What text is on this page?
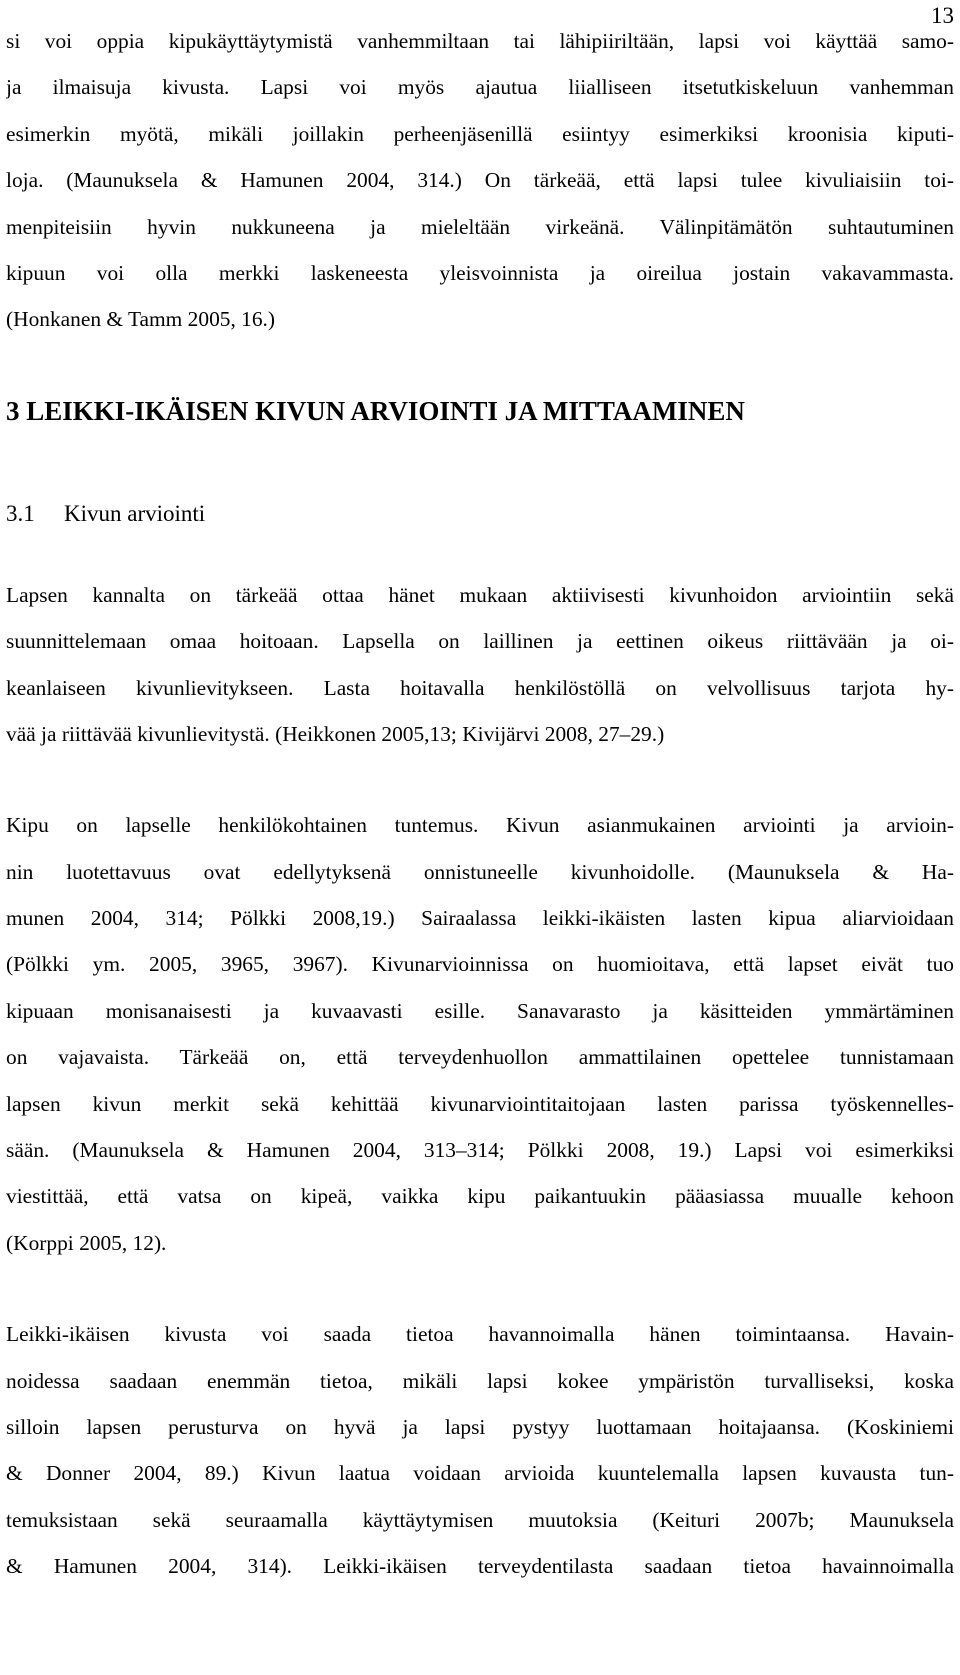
13
si voi oppia kipukäyttäytymistä vanhemmiltaan tai lähipiiriltään, lapsi voi käyttää samo-
ja ilmaisuja kivusta. Lapsi voi myös ajautua liialliseen itsetutkiskeluun vanhemman
esimerkin myötä, mikäli joillakin perheenjäsenillä esiintyy esimerkiksi kroonisia kiputi-
loja. (Maunuksela & Hamunen 2004, 314.) On tärkeää, että lapsi tulee kivuliaisiin toi-
menpiteisiin hyvin nukkuneena ja mieleltään virkeänä. Välinpitämätön suhtautuminen
kipuun voi olla merkki laskeneesta yleisvoinnista ja oireilua jostain vakavammasta.
(Honkanen & Tamm 2005, 16.)
3 LEIKKI-IKÄISEN KIVUN ARVIOINTI JA MITTAAMINEN
3.1 Kivun arviointi
Lapsen kannalta on tärkeää ottaa hänet mukaan aktiivisesti kivunhoidon arviointiin sekä
suunnittelemaan omaa hoitoaan. Lapsella on laillinen ja eettinen oikeus riittävään ja oi-
keanlaiseen kivunlievitykseen. Lasta hoitavalla henkilöstöllä on velvollisuus tarjota hy-
vää ja riittävää kivunlievitystä. (Heikkonen 2005,13; Kivijärvi 2008, 27–29.)
Kipu on lapselle henkilökohtainen tuntemus. Kivun asianmukainen arviointi ja arvioin-
nin luotettavuus ovat edellytyksenä onnistuneelle kivunhoidolle. (Maunuksela & Ha-
munen 2004, 314; Pölkki 2008,19.) Sairaalassa leikki-ikäisten lasten kipua aliarvioidaan
(Pölkki ym. 2005, 3965, 3967). Kivunarvioinnissa on huomioitava, että lapset eivät tuo
kipuaan monisanaisesti ja kuvaavasti esille. Sanavarasto ja käsitteiden ymmärtäminen
on vajavaista. Tärkeää on, että terveydenhuollon ammattilainen opettelee tunnistamaan
lapsen kivun merkit sekä kehittää kivunarviointitaitojaan lasten parissa työskennelles-
sään. (Maunuksela & Hamunen 2004, 313–314; Pölkki 2008, 19.) Lapsi voi esimerkiksi
viestittää, että vatsa on kipeä, vaikka kipu paikantuukin pääasiassa muualle kehoon
(Korppi 2005, 12).
Leikki-ikäisen kivusta voi saada tietoa havannoimalla hänen toimintaansa. Havain-
noidessa saadaan enemmän tietoa, mikäli lapsi kokee ympäristön turvalliseksi, koska
silloin lapsen perusturva on hyvä ja lapsi pystyy luottamaan hoitajaansa. (Koskiniemi
& Donner 2004, 89.) Kivun laatua voidaan arvioida kuuntelemalla lapsen kuvausta tun-
temuksistaan sekä seuraamalla käyttäytymisen muutoksia (Keituri 2007b; Maunuksela
& Hamunen 2004, 314). Leikki-ikäisen terveydentilasta saadaan tietoa havainnoimalla
